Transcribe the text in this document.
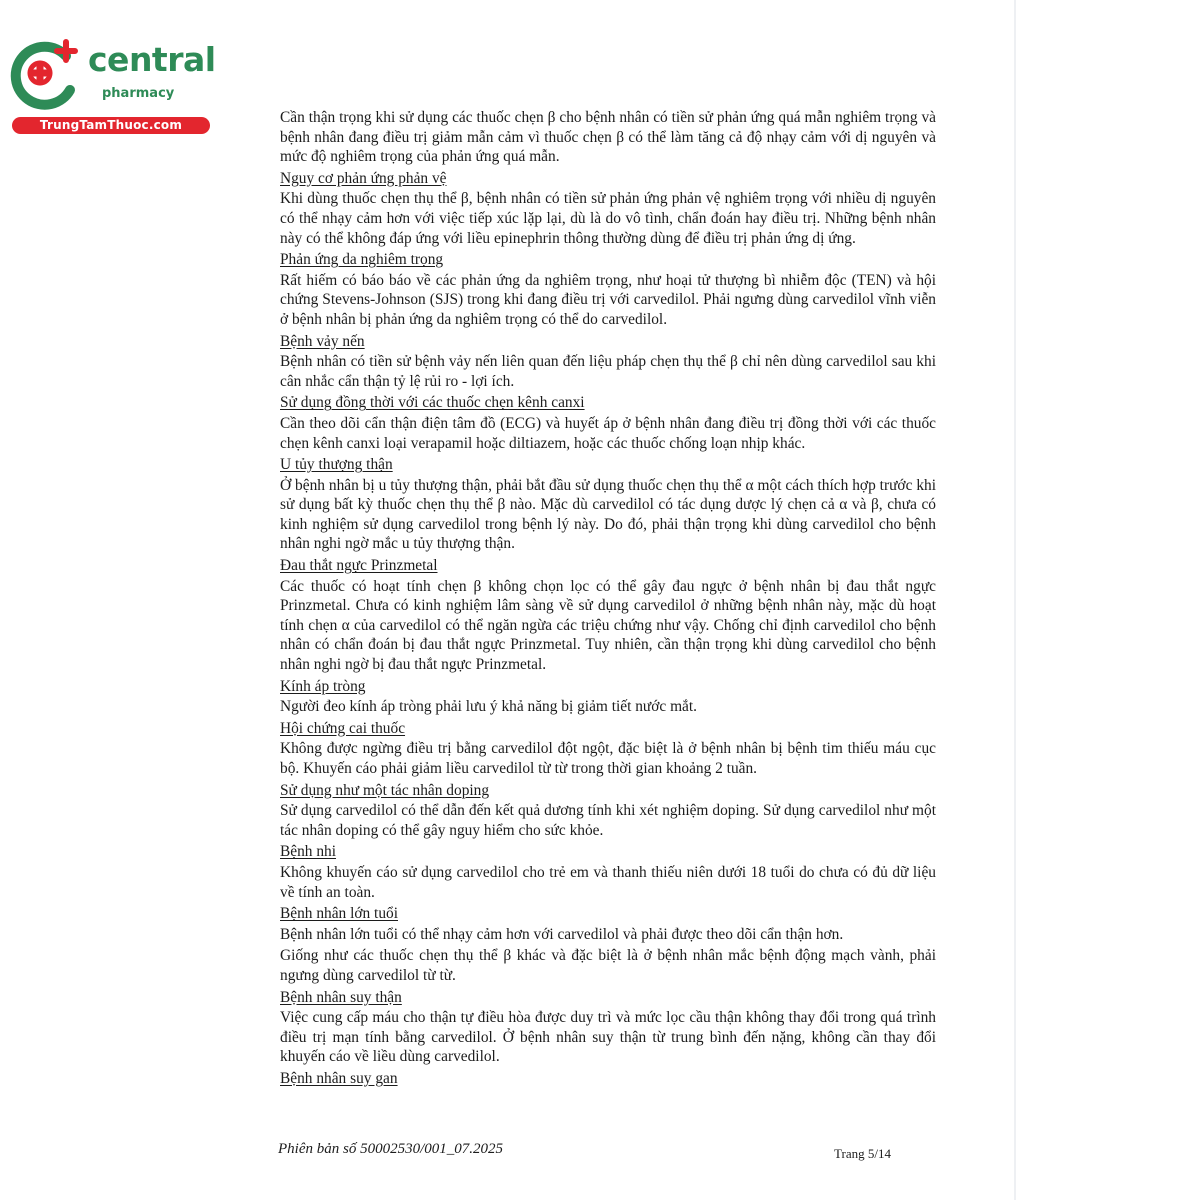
central
pharmacy
TrungTamThuoc.com	Cần thận trọng khi sử dụng các thuốc chẹn β cho bệnh nhân có tiền sử phản ứng quá mẫn nghiêm trọng và bệnh nhân đang điều trị giảm mẫn cảm vì thuốc chẹn β có thể làm tăng cả độ nhạy cảm với dị nguyên và mức độ nghiêm trọng của phản ứng quá mẫn.

Nguy cơ phản ứng phản vệ

Khi dùng thuốc chẹn thụ thể β, bệnh nhân có tiền sử phản ứng phản vệ nghiêm trọng với nhiều dị nguyên có thể nhạy cảm hơn với việc tiếp xúc lặp lại, dù là do vô tình, chẩn đoán hay điều trị. Những bệnh nhân này có thể không đáp ứng với liều epinephrin thông thường dùng để điều trị phản ứng dị ứng.

Phản ứng da nghiêm trọng

Rất hiếm có báo báo về các phản ứng da nghiêm trọng, như hoại tử thượng bì nhiễm độc (TEN) và hội chứng Stevens-Johnson (SJS) trong khi đang điều trị với carvedilol. Phải ngưng dùng carvedilol vĩnh viễn ở bệnh nhân bị phản ứng da nghiêm trọng có thể do carvedilol.

Bệnh vảy nến

Bệnh nhân có tiền sử bệnh vảy nến liên quan đến liệu pháp chẹn thụ thể β chỉ nên dùng carvedilol sau khi cân nhắc cẩn thận tỷ lệ rủi ro - lợi ích.

Sử dụng đồng thời với các thuốc chẹn kênh canxi

Cần theo dõi cẩn thận điện tâm đồ (ECG) và huyết áp ở bệnh nhân đang điều trị đồng thời với các thuốc chẹn kênh canxi loại verapamil hoặc diltiazem, hoặc các thuốc chống loạn nhịp khác.

U tủy thượng thận

Ở bệnh nhân bị u tủy thượng thận, phải bắt đầu sử dụng thuốc chẹn thụ thể α một cách thích hợp trước khi sử dụng bất kỳ thuốc chẹn thụ thể β nào. Mặc dù carvedilol có tác dụng dược lý chẹn cả α và β, chưa có kinh nghiệm sử dụng carvedilol trong bệnh lý này. Do đó, phải thận trọng khi dùng carvedilol cho bệnh nhân nghi ngờ mắc u tủy thượng thận.

Đau thắt ngực Prinzmetal

Các thuốc có hoạt tính chẹn β không chọn lọc có thể gây đau ngực ở bệnh nhân bị đau thắt ngực Prinzmetal. Chưa có kinh nghiệm lâm sàng về sử dụng carvedilol ở những bệnh nhân này, mặc dù hoạt tính chẹn α của carvedilol có thể ngăn ngừa các triệu chứng như vậy. Chống chỉ định carvedilol cho bệnh nhân có chẩn đoán bị đau thắt ngực Prinzmetal. Tuy nhiên, cần thận trọng khi dùng carvedilol cho bệnh nhân nghi ngờ bị đau thắt ngực Prinzmetal.

Kính áp tròng

Người đeo kính áp tròng phải lưu ý khả năng bị giảm tiết nước mắt.

Hội chứng cai thuốc

Không được ngừng điều trị bằng carvedilol đột ngột, đặc biệt là ở bệnh nhân bị bệnh tim thiếu máu cục bộ. Khuyến cáo phải giảm liều carvedilol từ từ trong thời gian khoảng 2 tuần.

Sử dụng như một tác nhân doping

Sử dụng carvedilol có thể dẫn đến kết quả dương tính khi xét nghiệm doping. Sử dụng carvedilol như một tác nhân doping có thể gây nguy hiểm cho sức khỏe.

Bệnh nhi

Không khuyến cáo sử dụng carvedilol cho trẻ em và thanh thiếu niên dưới 18 tuổi do chưa có đủ dữ liệu về tính an toàn.

Bệnh nhân lớn tuổi

Bệnh nhân lớn tuổi có thể nhạy cảm hơn với carvedilol và phải được theo dõi cẩn thận hơn.

Giống như các thuốc chẹn thụ thể β khác và đặc biệt là ở bệnh nhân mắc bệnh động mạch vành, phải ngưng dùng carvedilol từ từ.

Bệnh nhân suy thận

Việc cung cấp máu cho thận tự điều hòa được duy trì và mức lọc cầu thận không thay đổi trong quá trình điều trị mạn tính bằng carvedilol. Ở bệnh nhân suy thận từ trung bình đến nặng, không cần thay đổi khuyến cáo về liều dùng carvedilol.

Bệnh nhân suy gan
Phiên bản số 50002530/001_07.2025	Trang 5/14
